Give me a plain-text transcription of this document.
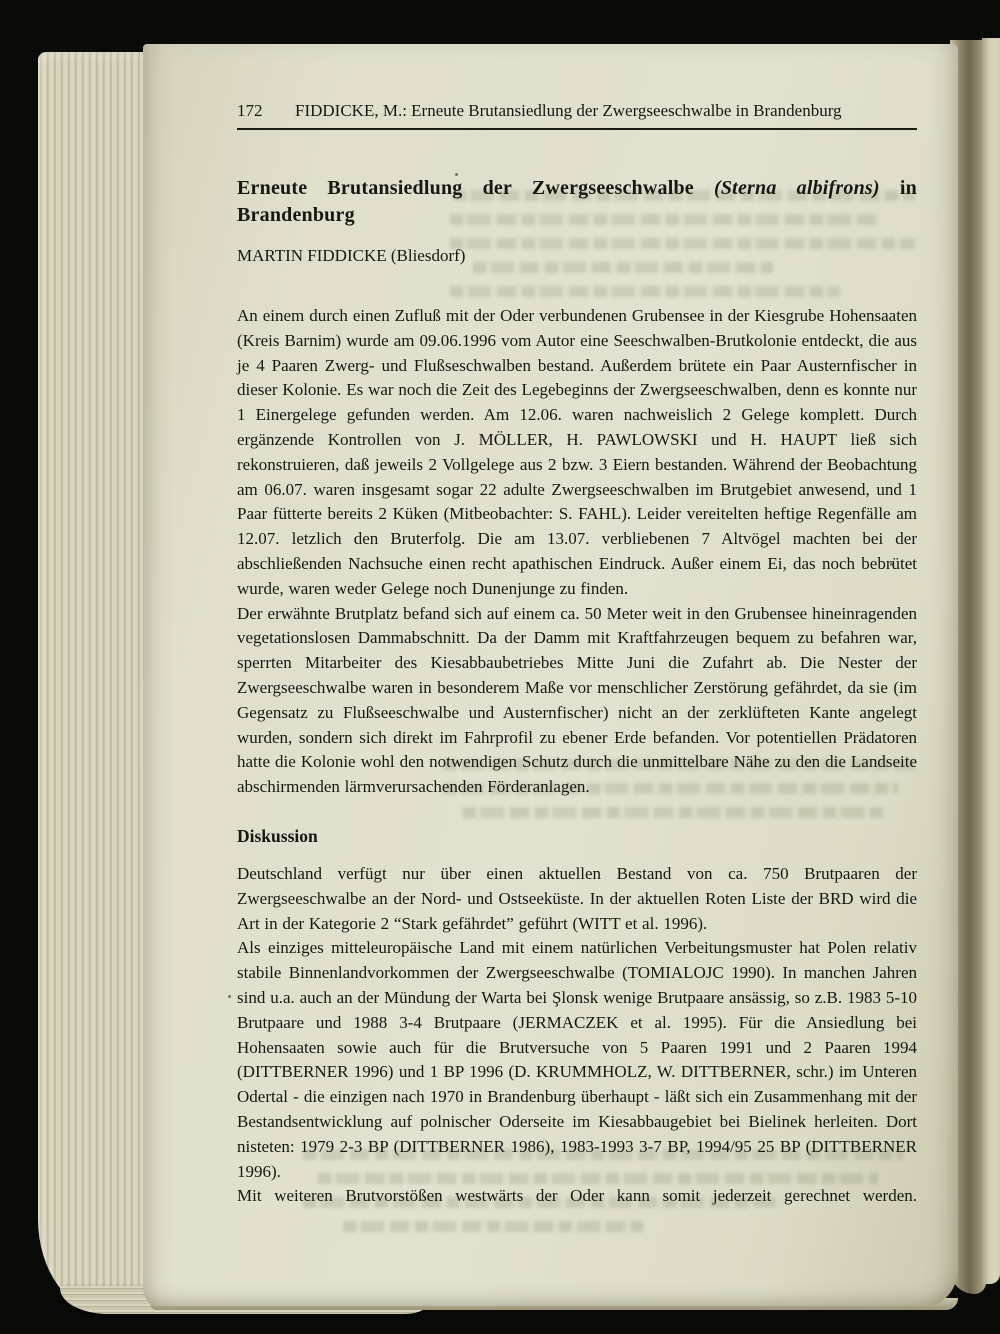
172	FIDDICKE, M.: Erneute Brutansiedlung der Zwergseeschwalbe in Brandenburg
Erneute Brutansiedlung der Zwergseeschwalbe (Sterna albifrons) in
Brandenburg
MARTIN FIDDICKE (Bliesdorf)

An einem durch einen Zufluß mit der Oder verbundenen Grubensee in der Kiesgrube Hohensaaten (Kreis Barnim) wurde am 09.06.1996 vom Autor eine Seeschwalben-Brutkolonie entdeckt, die aus je 4 Paaren Zwerg- und Flußseschwalben bestand. Außerdem brütete ein Paar Austernfischer in dieser Kolonie. Es war noch die Zeit des Legebeginns der Zwergseeschwalben, denn es konnte nur 1 Einergelege gefunden werden. Am 12.06. waren nachweislich 2 Gelege komplett. Durch ergänzende Kontrollen von J. MÖLLER, H. PAWLOWSKI und H. HAUPT ließ sich rekonstruieren, daß jeweils 2 Vollgelege aus 2 bzw. 3 Eiern bestanden. Während der Beobachtung am 06.07. waren insgesamt sogar 22 adulte Zwergseeschwalben im Brutgebiet anwesend, und 1 Paar fütterte bereits 2 Küken (Mitbeobachter: S. FAHL). Leider vereitelten heftige Regenfälle am 12.07. letzlich den Bruterfolg. Die am 13.07. verbliebenen 7 Altvögel machten bei der abschließenden Nachsuche einen recht apathischen Eindruck. Außer einem Ei, das noch bebrütet wurde, waren weder Gelege noch Dunenjunge zu finden.

Der erwähnte Brutplatz befand sich auf einem ca. 50 Meter weit in den Grubensee hineinragenden vegetationslosen Dammabschnitt. Da der Damm mit Kraftfahrzeugen bequem zu befahren war, sperrten Mitarbeiter des Kiesabbaubetriebes Mitte Juni die Zufahrt ab. Die Nester der Zwergseeschwalbe waren in besonderem Maße vor menschlicher Zerstörung gefährdet, da sie (im Gegensatz zu Flußseeschwalbe und Austernfischer) nicht an der zerklüfteten Kante angelegt wurden, sondern sich direkt im Fahrprofil zu ebener Erde befanden. Vor potentiellen Prädatoren hatte die Kolonie wohl den notwendigen Schutz durch die unmittelbare Nähe zu den die Landseite abschirmenden lärmverursachenden Förderanlagen.

Diskussion

Deutschland verfügt nur über einen aktuellen Bestand von ca. 750 Brutpaaren der Zwergseeschwalbe an der Nord- und Ostseeküste. In der aktuellen Roten Liste der BRD wird die Art in der Kategorie 2 “Stark gefährdet” geführt (WITT et al. 1996).

Als einziges mitteleuropäische Land mit einem natürlichen Verbeitungsmuster hat Polen relativ stabile Binnenlandvorkommen der Zwergseeschwalbe (TOMIALOJC 1990). In manchen Jahren sind u.a. auch an der Mündung der Warta bei Şlonsk wenige Brutpaare ansässig, so z.B. 1983 5-10 Brutpaare und 1988 3-4 Brutpaare (JERMACZEK et al. 1995). Für die Ansiedlung bei Hohensaaten sowie auch für die Brutversuche von 5 Paaren 1991 und 2 Paaren 1994 (DITTBERNER 1996) und 1 BP 1996 (D. KRUMMHOLZ, W. DITTBERNER, schr.) im Unteren Odertal - die einzigen nach 1970 in Brandenburg überhaupt - läßt sich ein Zusammenhang mit der Bestandsentwicklung auf polnischer Oderseite im Kiesabbaugebiet bei Bielinek herleiten. Dort nisteten: 1979 2-3 BP (DITTBERNER 1986), 1983-1993 3-7 BP, 1994/95 25 BP (DITTBERNER 1996).

Mit weiteren Brutvorstößen westwärts der Oder kann somit jederzeit gerechnet werden.
